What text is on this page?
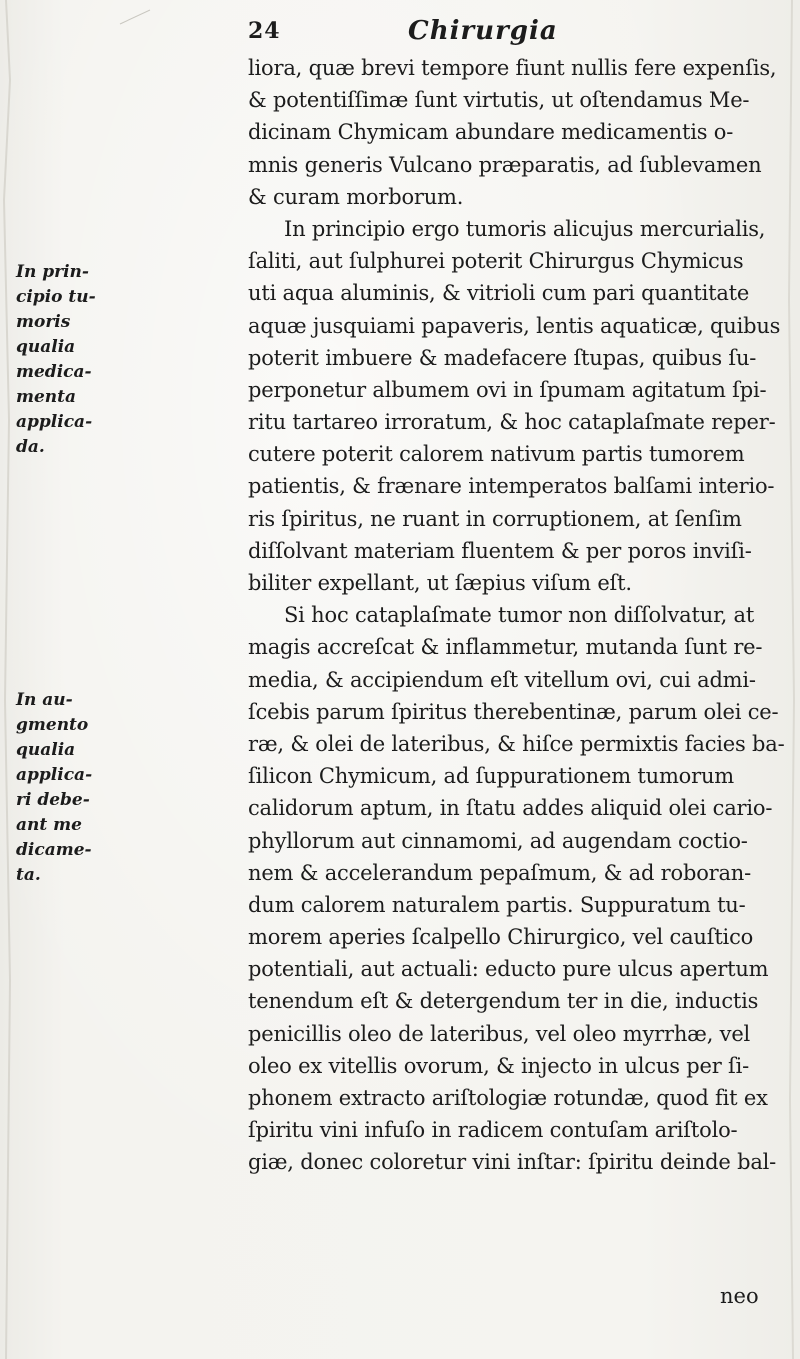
24	Chirurgia
In prin-
cipio tu-
moris
qualia
medica-
menta
applica-
da.
In au-
gmento
qualia
applica-
ri debe-
ant me
dicame-
ta.
liora, quæ brevi tempore fiunt nullis fere expenſis,
& potentiſſimæ ſunt virtutis, ut oſtendamus Me-
dicinam Chymicam abundare medicamentis o-
mnis generis Vulcano præparatis, ad ſublevamen
& curam morborum.
In principio ergo tumoris alicujus mercurialis,
ſaliti, aut ſulphurei poterit Chirurgus Chymicus
uti aqua aluminis, & vitrioli cum pari quantitate
aquæ jusquiami papaveris, lentis aquaticæ, quibus
poterit imbuere & madefacere ſtupas, quibus ſu-
perponetur albumem ovi in ſpumam agitatum ſpi-
ritu tartareo irroratum, & hoc cataplaſmate reper-
cutere poterit calorem nativum partis tumorem
patientis, & frænare intemperatos balſami interio-
ris ſpiritus, ne ruant in corruptionem, at ſenſim
diſſolvant materiam fluentem & per poros inviſi-
biliter expellant, ut ſæpius viſum eſt.
Si hoc cataplaſmate tumor non diſſolvatur, at
magis accreſcat & inflammetur, mutanda ſunt re-
media, & accipiendum eſt vitellum ovi, cui admi-
ſcebis parum ſpiritus therebentinæ, parum olei ce-
ræ, & olei de lateribus, & hiſce permixtis facies ba-
ſilicon Chymicum, ad ſuppurationem tumorum
calidorum aptum, in ſtatu addes aliquid olei cario-
phyllorum aut cinnamomi, ad augendam coctio-
nem & accelerandum pepaſmum, & ad roboran-
dum calorem naturalem partis. Suppuratum tu-
morem aperies ſcalpello Chirurgico, vel cauſtico
potentiali, aut actuali: educto pure ulcus apertum
tenendum eſt & detergendum ter in die, inductis
penicillis oleo de lateribus, vel oleo myrrhæ, vel
oleo ex vitellis ovorum, & injecto in ulcus per ſi-
phonem extracto ariſtologiæ rotundæ, quod fit ex
ſpiritu vini infuſo in radicem contuſam ariſtolo-
giæ, donec coloretur vini inſtar: ſpiritu deinde bal-
neo
